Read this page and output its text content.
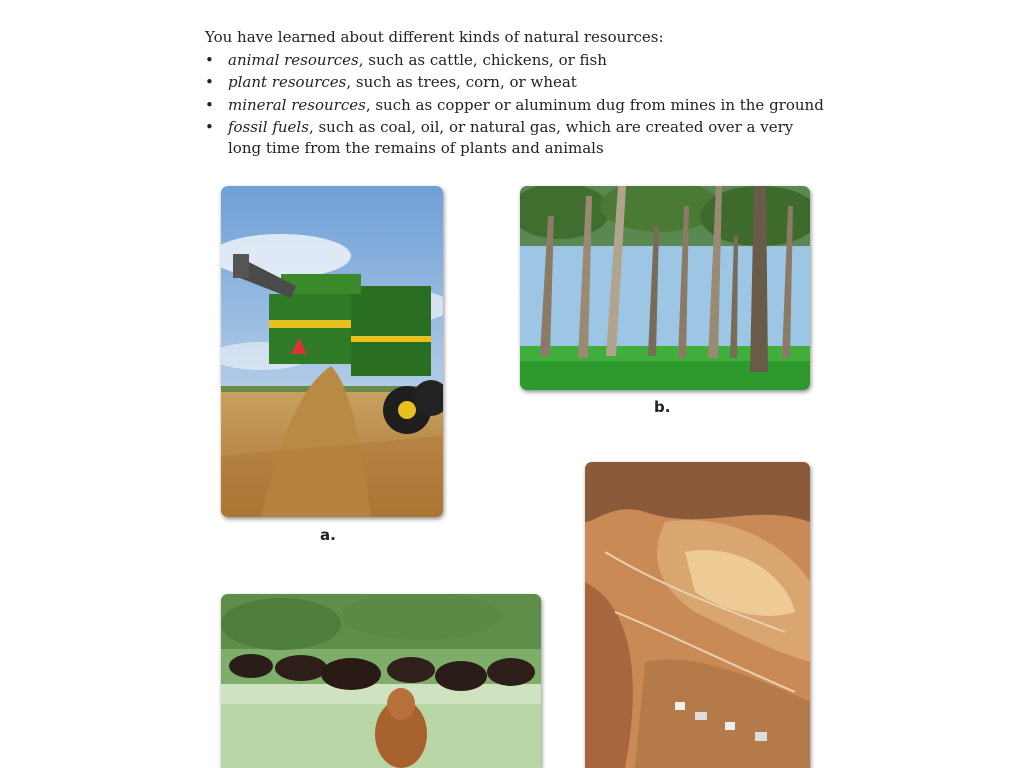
You have learned about different kinds of natural resources:

• animal resources, such as cattle, chickens, or fish
• plant resources, such as trees, corn, or wheat
• mineral resources, such as copper or aluminum dug from mines in the ground
• fossil fuels, such as coal, oil, or natural gas, which are created over a very
long time from the remains of plants and animals
a.
b.
